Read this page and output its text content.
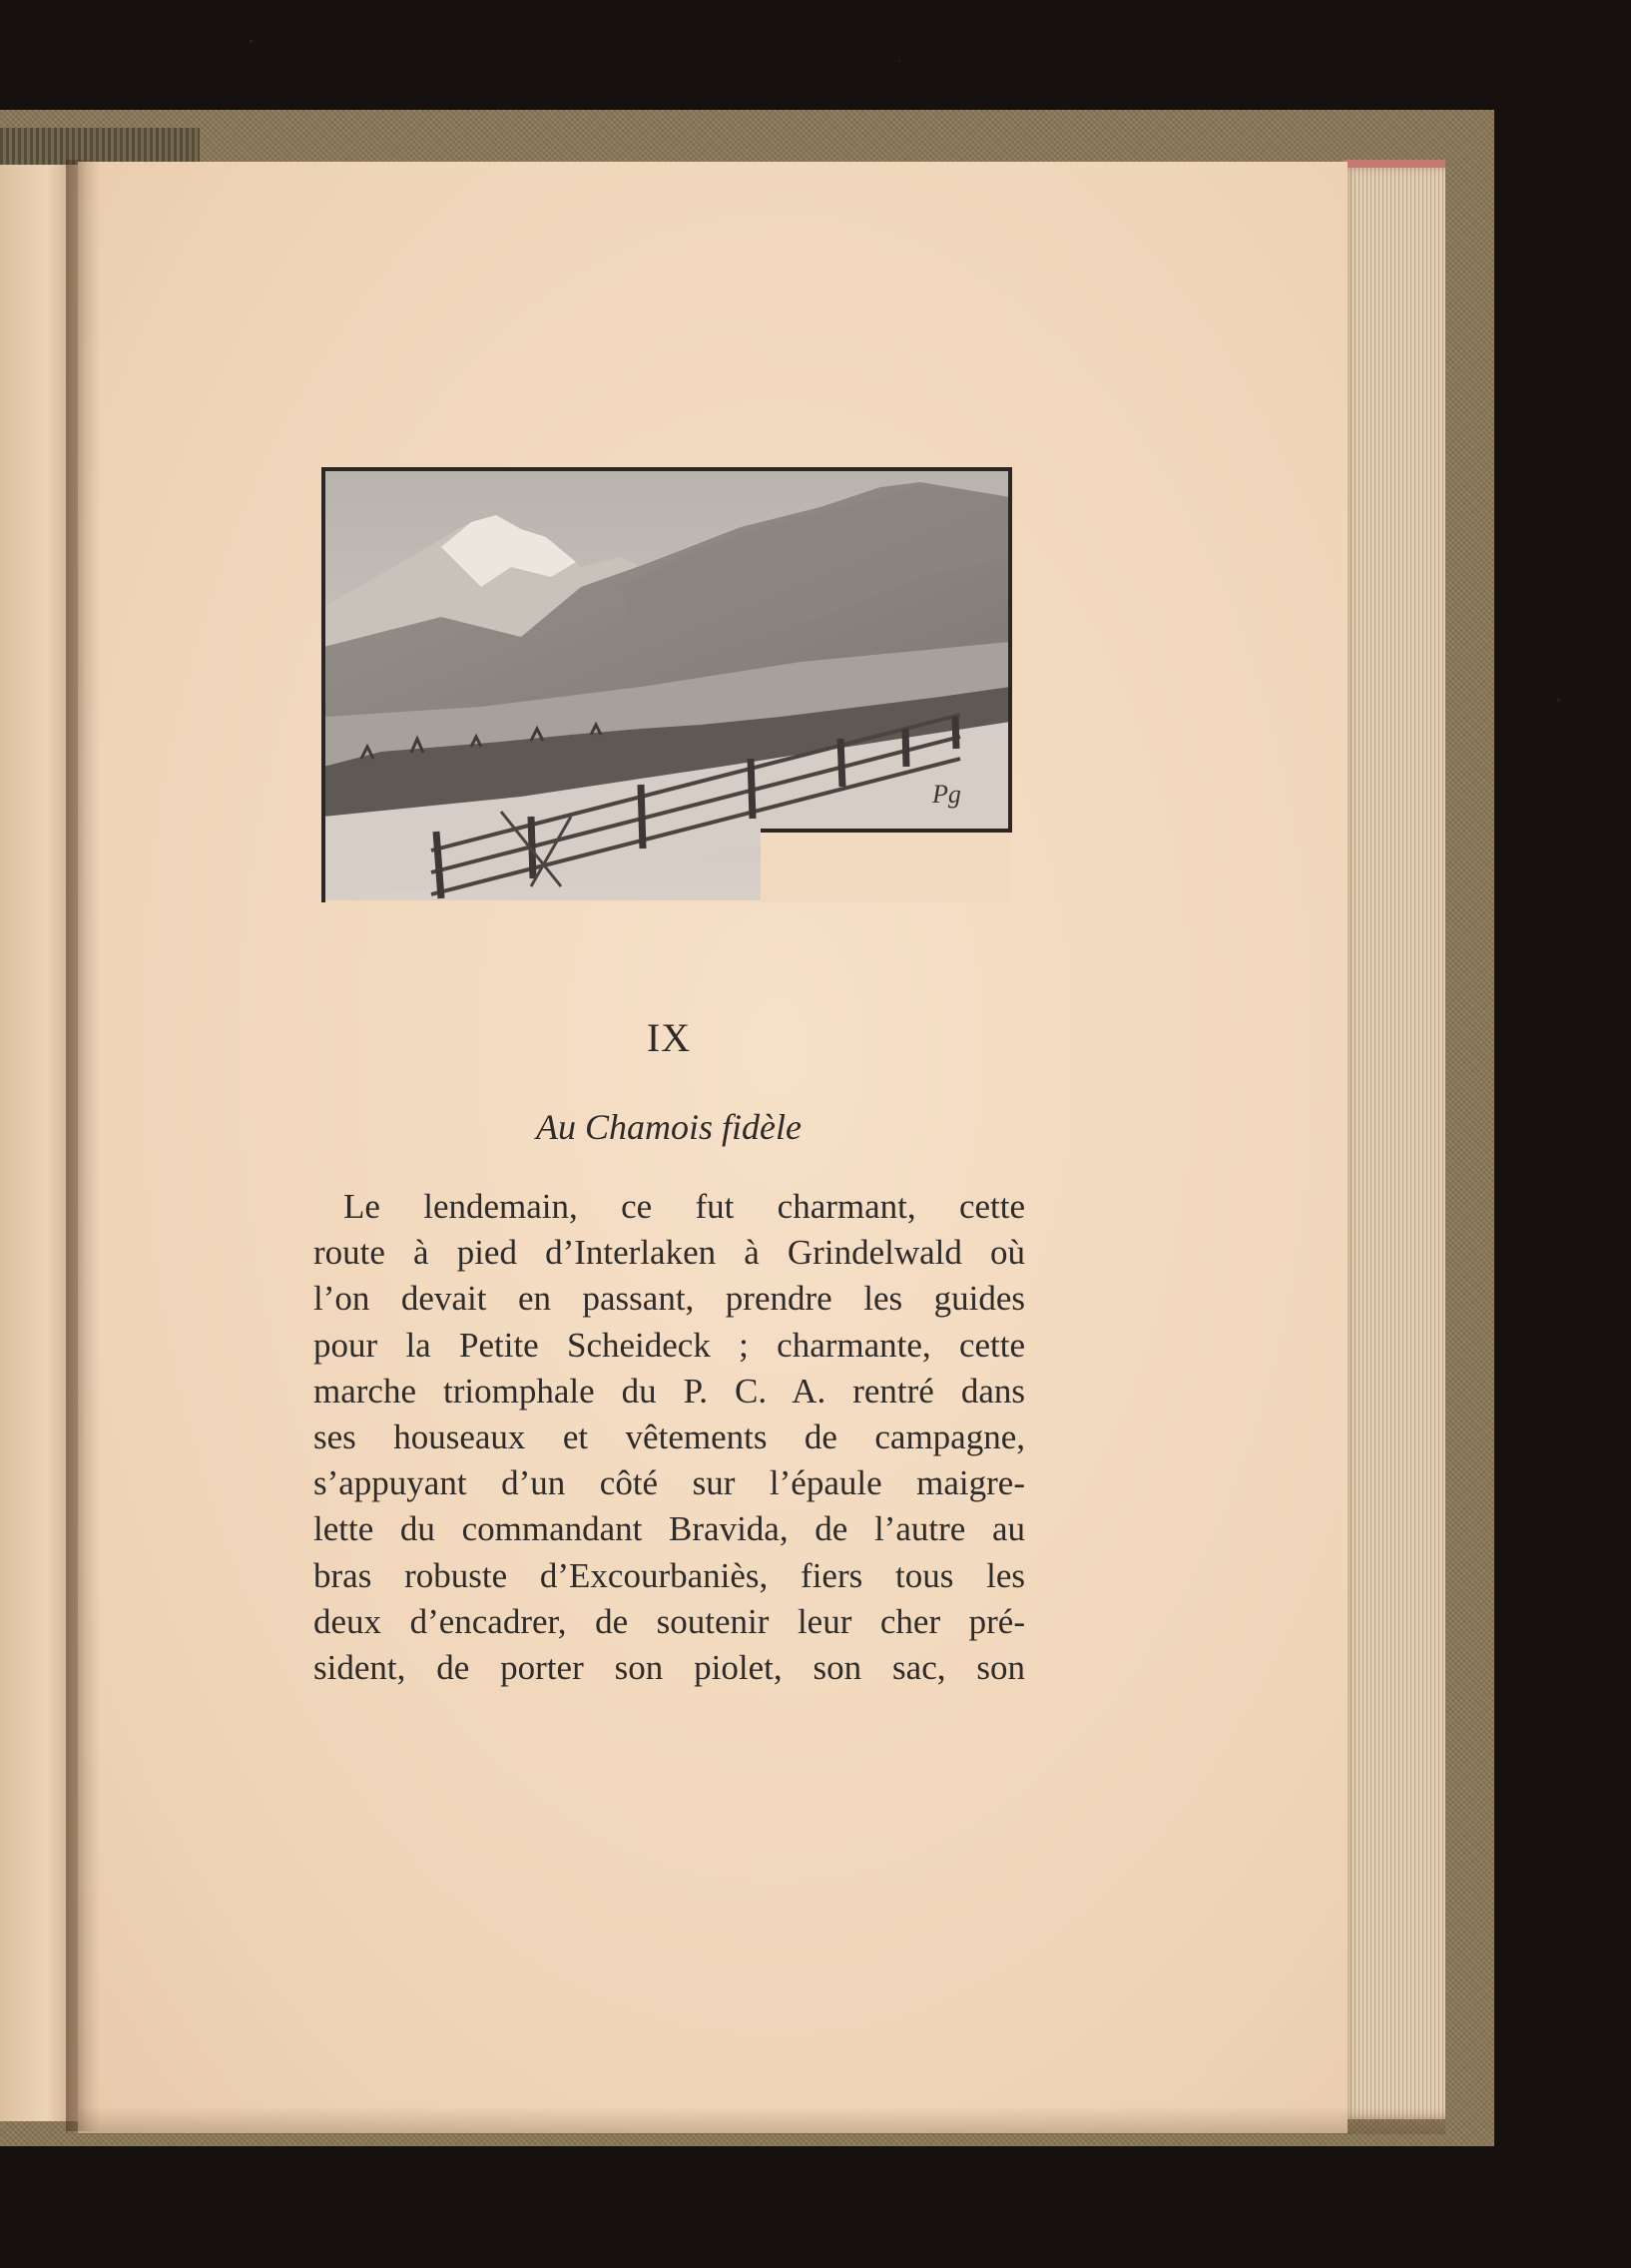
Pg
IX
Au Chamois fidèle
Le lendemain, ce fut charmant, cette
route à pied d’Interlaken à Grindelwald où
l’on devait en passant, prendre les guides
pour la Petite Scheideck ; charmante, cette
marche triomphale du P. C. A. rentré dans
ses houseaux et vêtements de campagne,
s’appuyant d’un côté sur l’épaule maigre-
lette du commandant Bravida, de l’autre au
bras robuste d’Excourbaniès, fiers tous les
deux d’encadrer, de soutenir leur cher pré-
sident, de porter son piolet, son sac, son
